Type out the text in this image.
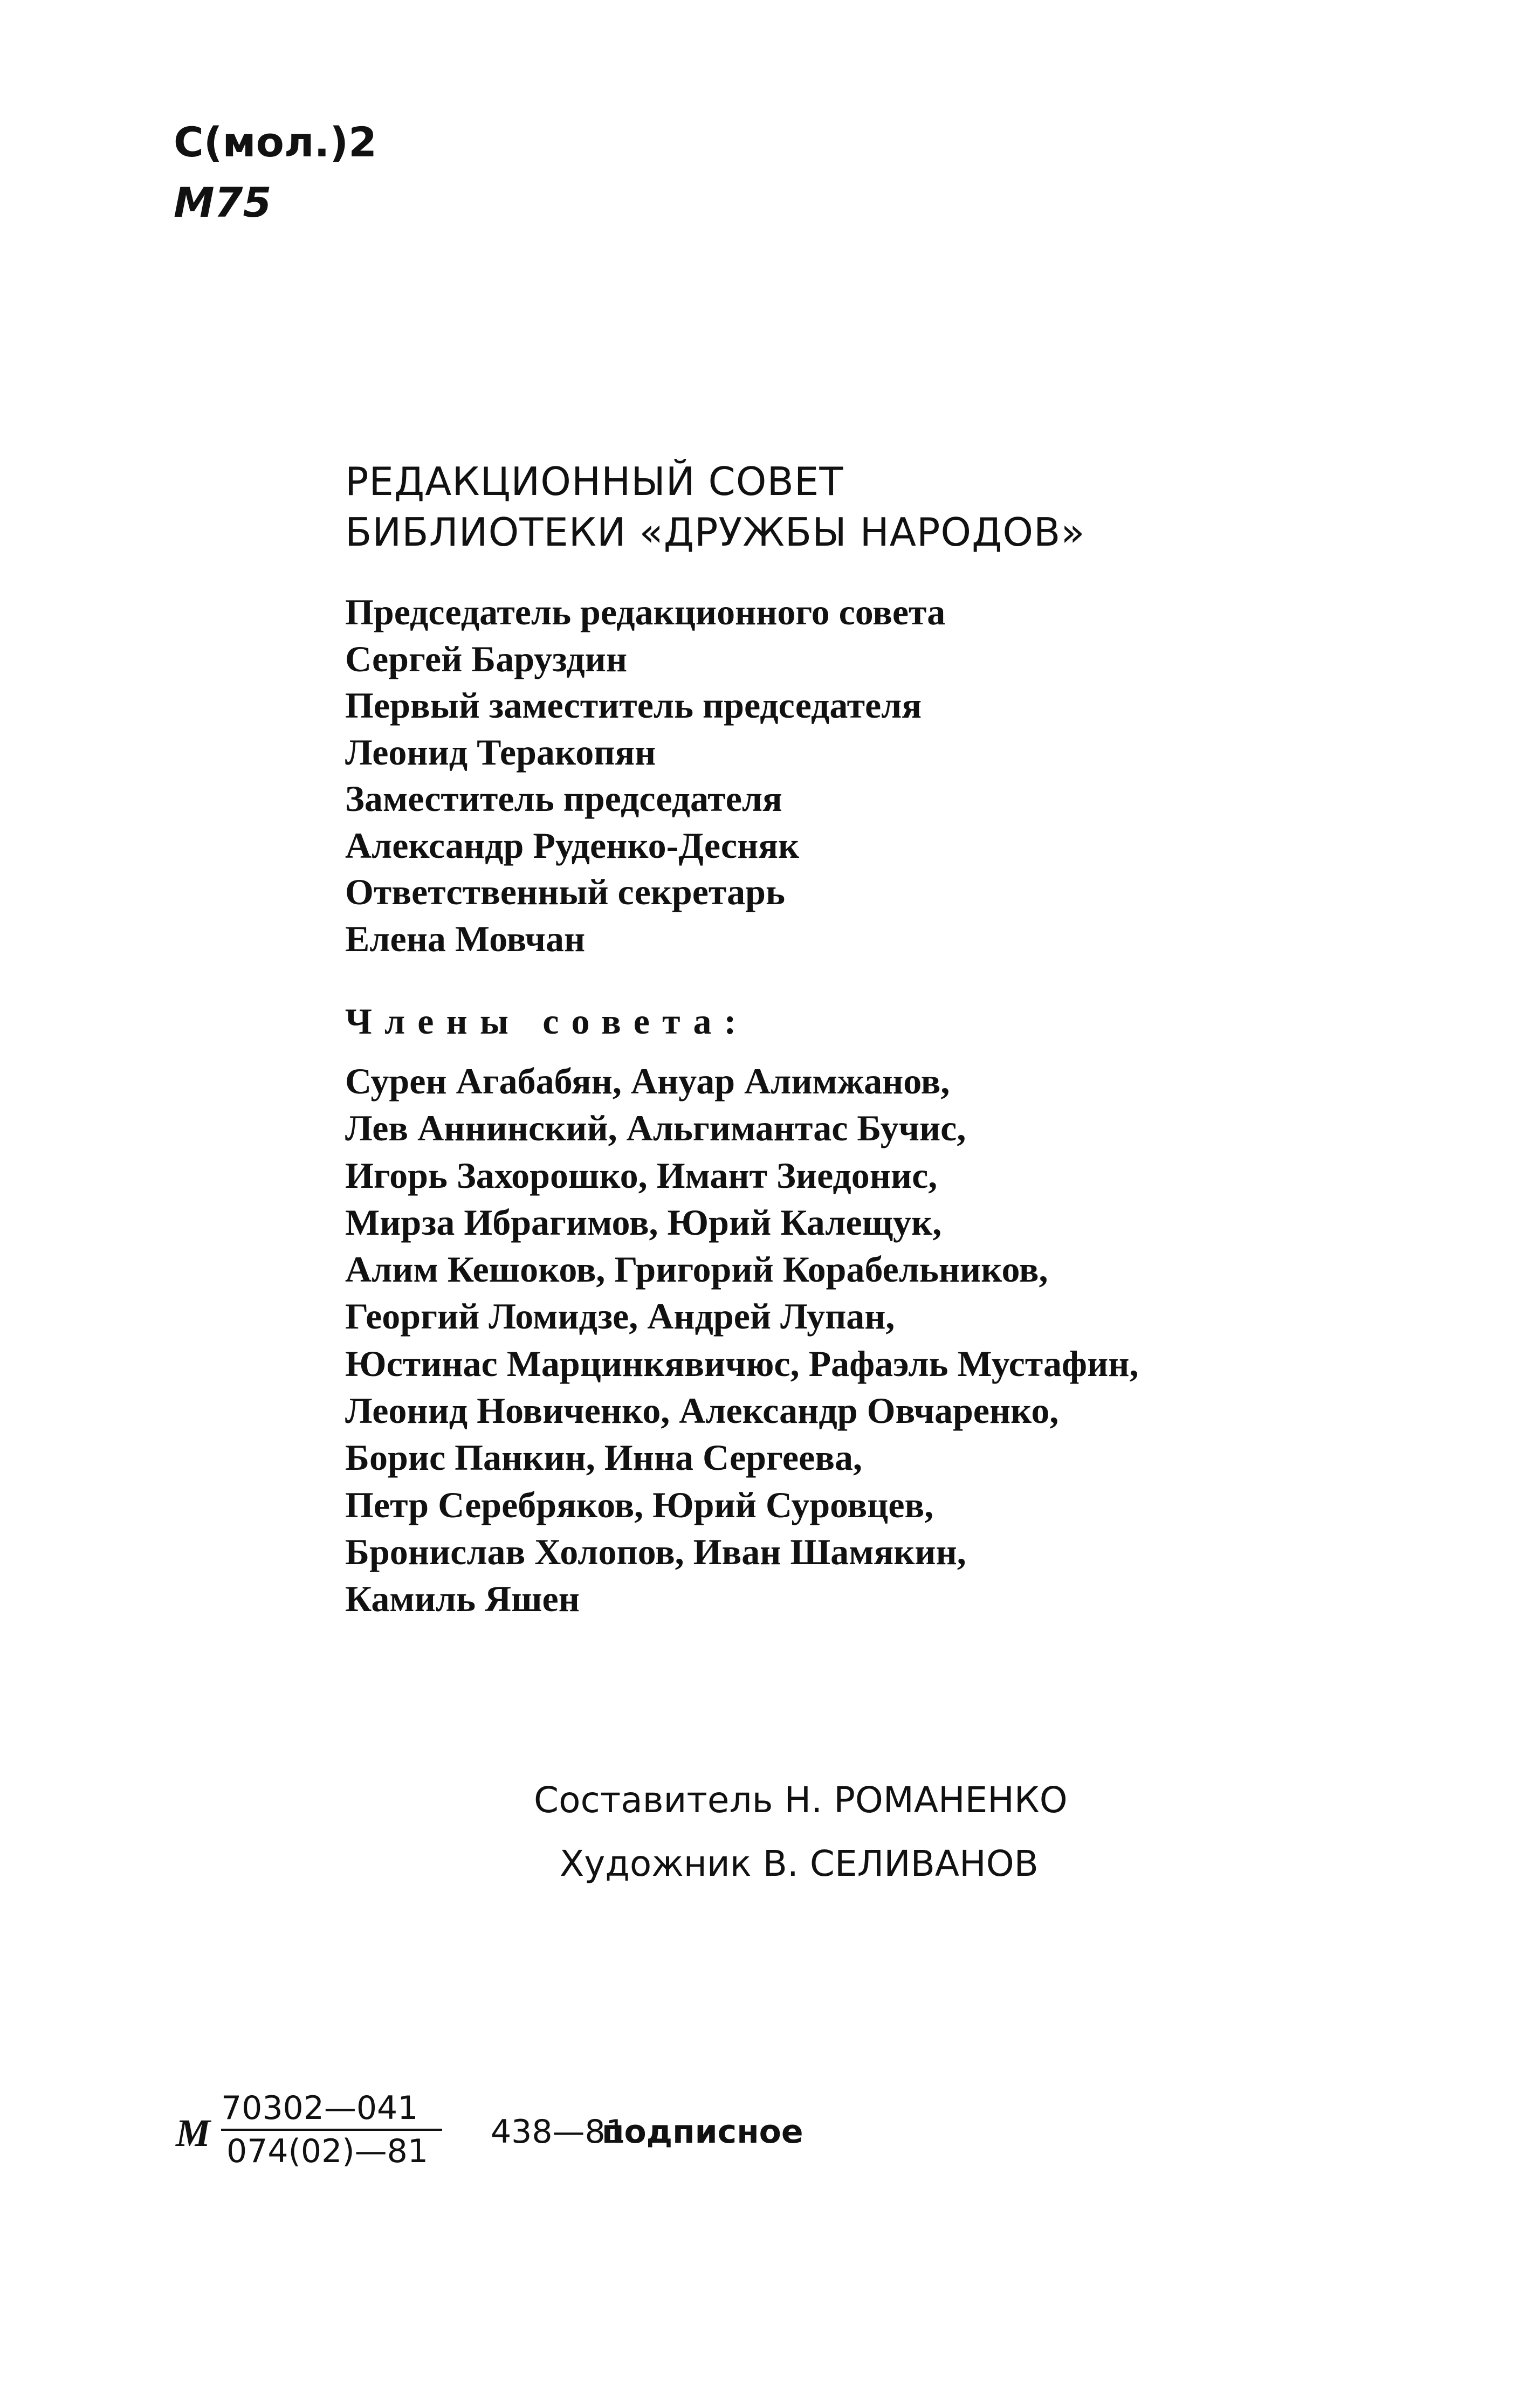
С(мол.)2
М75
РЕДАКЦИОННЫЙ СОВЕТ
БИБЛИОТЕКИ «ДРУЖБЫ НАРОДОВ»
Председатель редакционного совета
Сергей Баруздин
Первый заместитель председателя
Леонид Теракопян
Заместитель председателя
Александр Руденко-Десняк
Ответственный секретарь
Елена Мовчан
Члены совета:
Сурен Агабабян, Ануар Алимжанов,
Лев Аннинский, Альгимантас Бучис,
Игорь Захорошко, Имант Зиедонис,
Мирза Ибрагимов, Юрий Калещук,
Алим Кешоков, Григорий Корабельников,
Георгий Ломидзе, Андрей Лупан,
Юстинас Марцинкявичюс, Рафаэль Мустафин,
Леонид Новиченко, Александр Овчаренко,
Борис Панкин, Инна Сергеева,
Петр Серебряков, Юрий Суровцев,
Бронислав Холопов, Иван Шамякин,
Камиль Яшен
Составитель Н. РОМАНЕНКО
Художник В. СЕЛИВАНОВ
М
70302—041
074(02)—81
438—81
подписное
